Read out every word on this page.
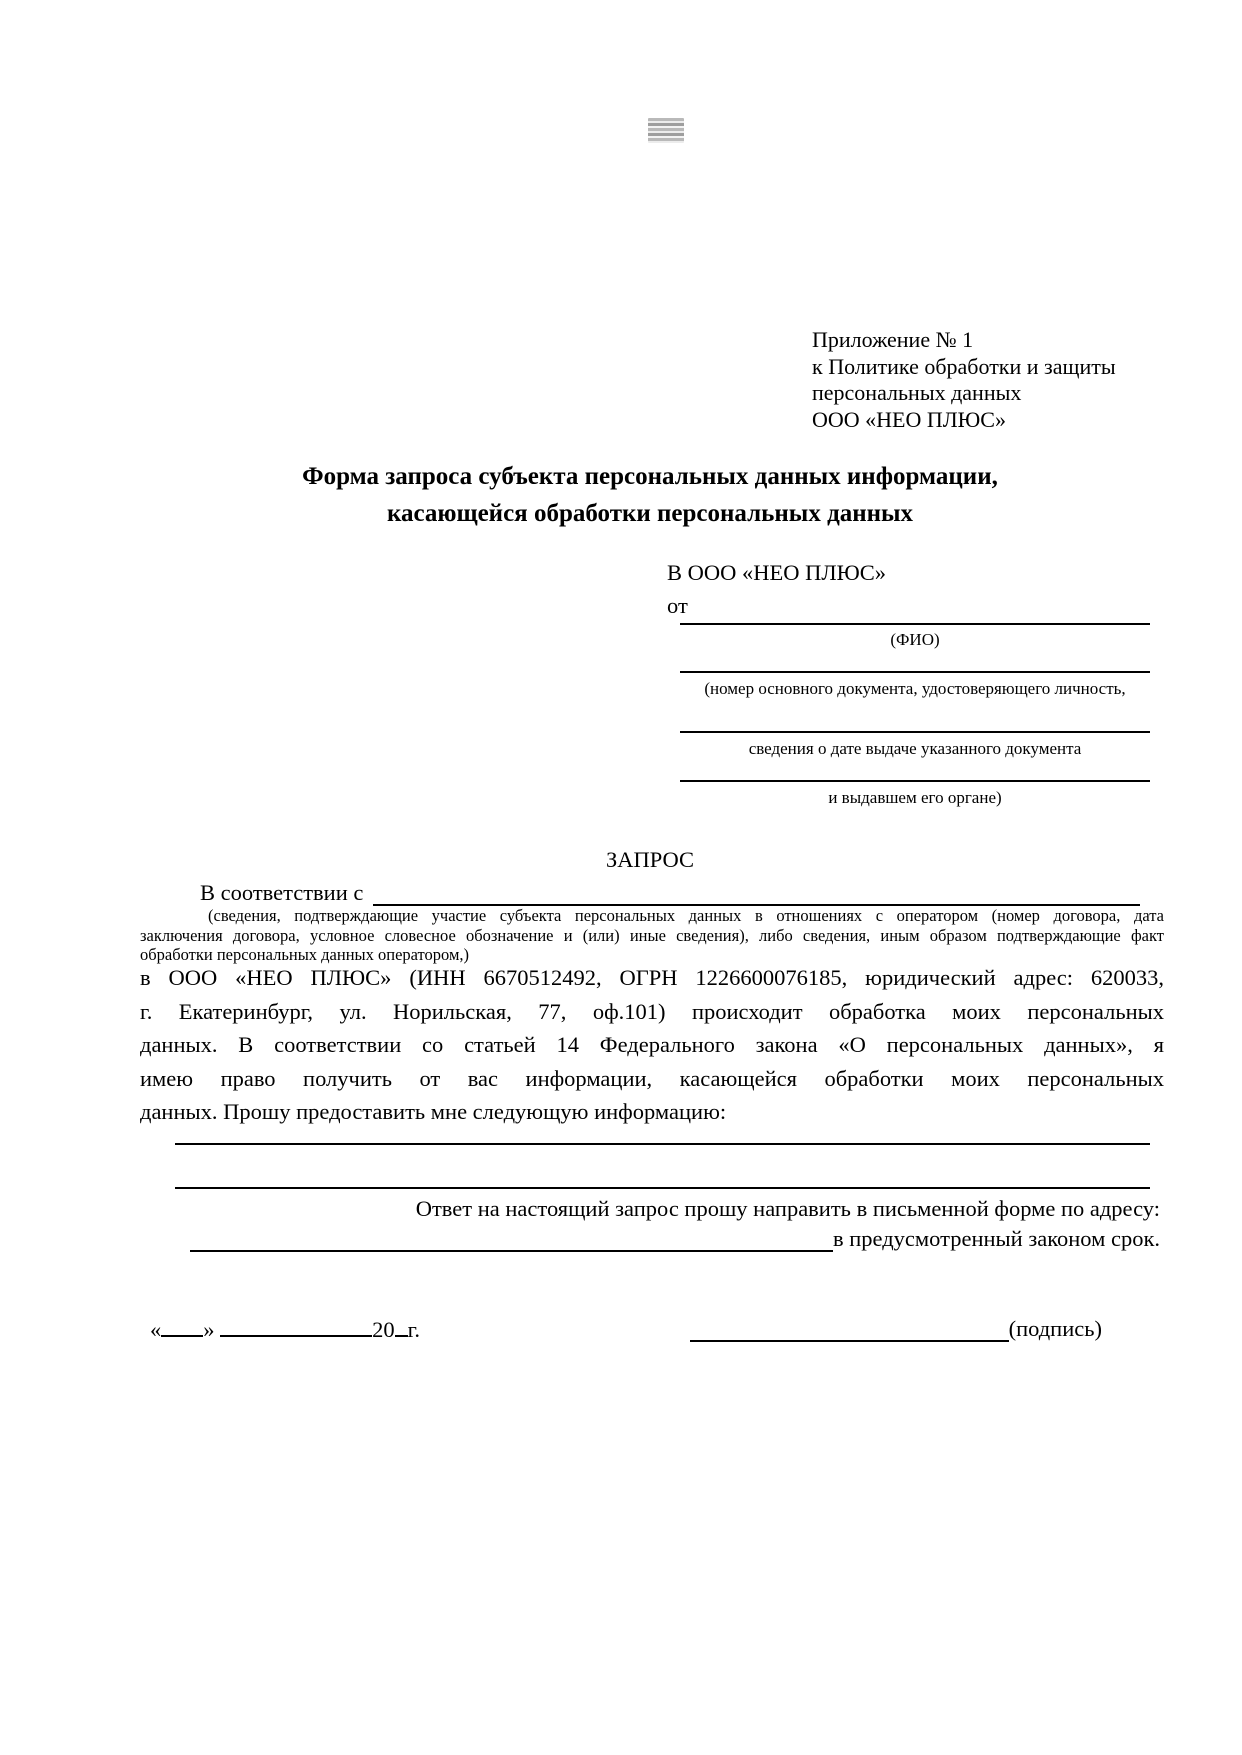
Приложение № 1
к Политике обработки и защиты
персональных данных
ООО «НЕО ПЛЮС»
Форма запроса субъекта персональных данных информации,
касающейся обработки персональных данных
В ООО «НЕО ПЛЮС»
от
(ФИО)
(номер основного документа, удостоверяющего личность,
сведения о дате выдаче указанного документа
и выдавшем его органе)
ЗАПРОС
В соответствии с
(сведения, подтверждающие участие субъекта персональных данных в отношениях с оператором (номер договора, дата
заключения договора, условное словесное обозначение и (или) иные сведения), либо сведения, иным образом подтверждающие факт
обработки персональных данных оператором,)
в ООО «НЕО ПЛЮС» (ИНН 6670512492, ОГРН 1226600076185, юридический адрес: 620033,
г. Екатеринбург, ул. Норильская, 77, оф.101) происходит обработка моих персональных
данных. В соответствии со статьей 14 Федерального закона «О персональных данных», я
имею право получить от вас информации, касающейся обработки моих персональных
данных. Прошу предоставить мне следующую информацию:
Ответ на настоящий запрос прошу направить в письменной форме по адресу:
в предусмотренный законом срок.
« »	20 г.	(подпись)
